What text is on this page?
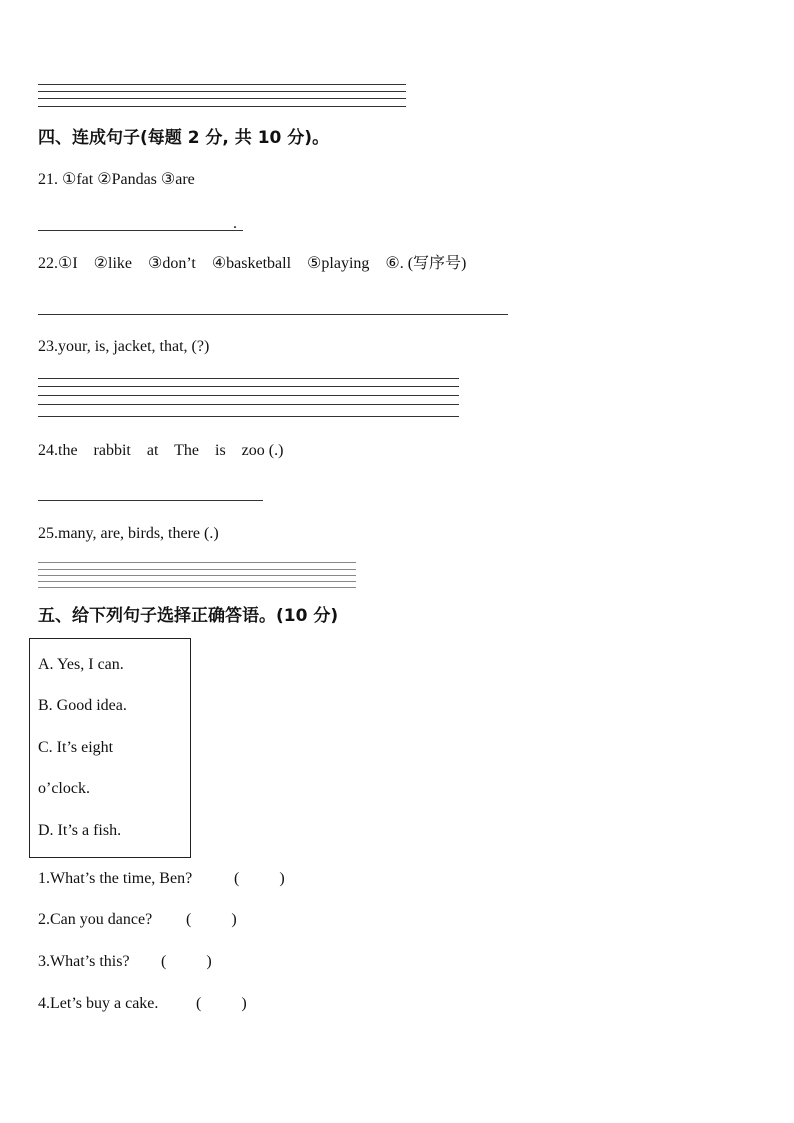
四、连成句子(每题 2 分, 共 10 分)。
21. ①fat ②Pandas ③are
.
22.①I    ②like    ③don’t    ④basketball    ⑤playing    ⑥. (写序号)
23.your, is, jacket, that, (?)
24.the    rabbit    at    The    is    zoo (.)
25.many, are, birds, there (.)
五、给下列句子选择正确答语。(10 分)
A. Yes, I can.
B. Good idea.
C. It’s eight
o’clock.
D. It’s a fish.
1.What’s the time, Ben?	(          )
2.Can you dance? (          )
3.What’s this? (          )
4.Let’s buy a cake. (          )
